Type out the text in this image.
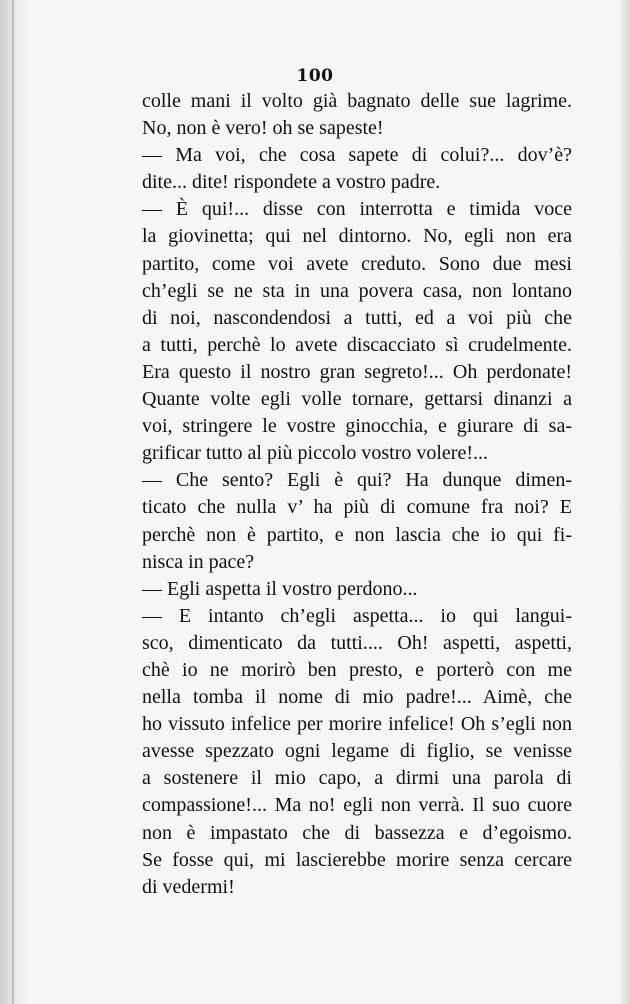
100
colle mani il volto già bagnato delle sue lagrime.
No, non è vero! oh se sapeste!
— Ma voi, che cosa sapete di colui?... dov’è?
dite... dite! rispondete a vostro padre.
— È qui!... disse con interrotta e timida voce
la giovinetta; qui nel dintorno. No, egli non era
partito, come voi avete creduto. Sono due mesi
ch’egli se ne sta in una povera casa, non lontano
di noi, nascondendosi a tutti, ed a voi più che
a tutti, perchè lo avete discacciato sì crudelmente.
Era questo il nostro gran segreto!... Oh perdonate!
Quante volte egli volle tornare, gettarsi dinanzi a
voi, stringere le vostre ginocchia, e giurare di sa-
grificar tutto al più piccolo vostro volere!...
— Che sento? Egli è qui? Ha dunque dimen-
ticato che nulla v’ ha più di comune fra noi? E
perchè non è partito, e non lascia che io qui fi-
nisca in pace?
— Egli aspetta il vostro perdono...
— E intanto ch’egli aspetta... io qui langui-
sco, dimenticato da tutti.... Oh! aspetti, aspetti,
chè io ne morirò ben presto, e porterò con me
nella tomba il nome di mio padre!... Aimè, che
ho vissuto infelice per morire infelice! Oh s’egli non
avesse spezzato ogni legame di figlio, se venisse
a sostenere il mio capo, a dirmi una parola di
compassione!... Ma no! egli non verrà. Il suo cuore
non è impastato che di bassezza e d’egoismo.
Se fosse qui, mi lascierebbe morire senza cercare
di vedermi!
